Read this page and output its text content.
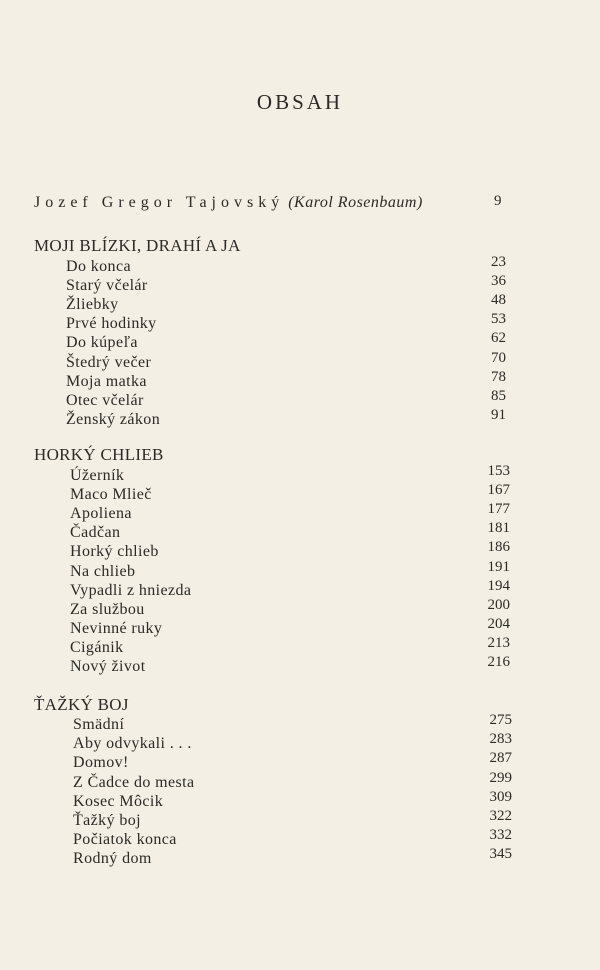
OBSAH
Jozef Gregor Tajovský (Karol Rosenbaum)	9
MOJI BLÍZKI, DRAHÍ A JA
Do konca	23
Starý včelár	36
Žliebky	48
Prvé hodinky	53
Do kúpeľa	62
Štedrý večer	70
Moja matka	78
Otec včelár	85
Ženský zákon	91
HORKÝ CHLIEB
Úžerník	153
Maco Mlieč	167
Apoliena	177
Čadčan	181
Horký chlieb	186
Na chlieb	191
Vypadli z hniezda	194
Za službou	200
Nevinné ruky	204
Cigánik	213
Nový život	216
ŤAŽKÝ BOJ
Smädní	275
Aby odvykali . . .	283
Domov!	287
Z Čadce do mesta	299
Kosec Môcik	309
Ťažký boj	322
Počiatok konca	332
Rodný dom	345
